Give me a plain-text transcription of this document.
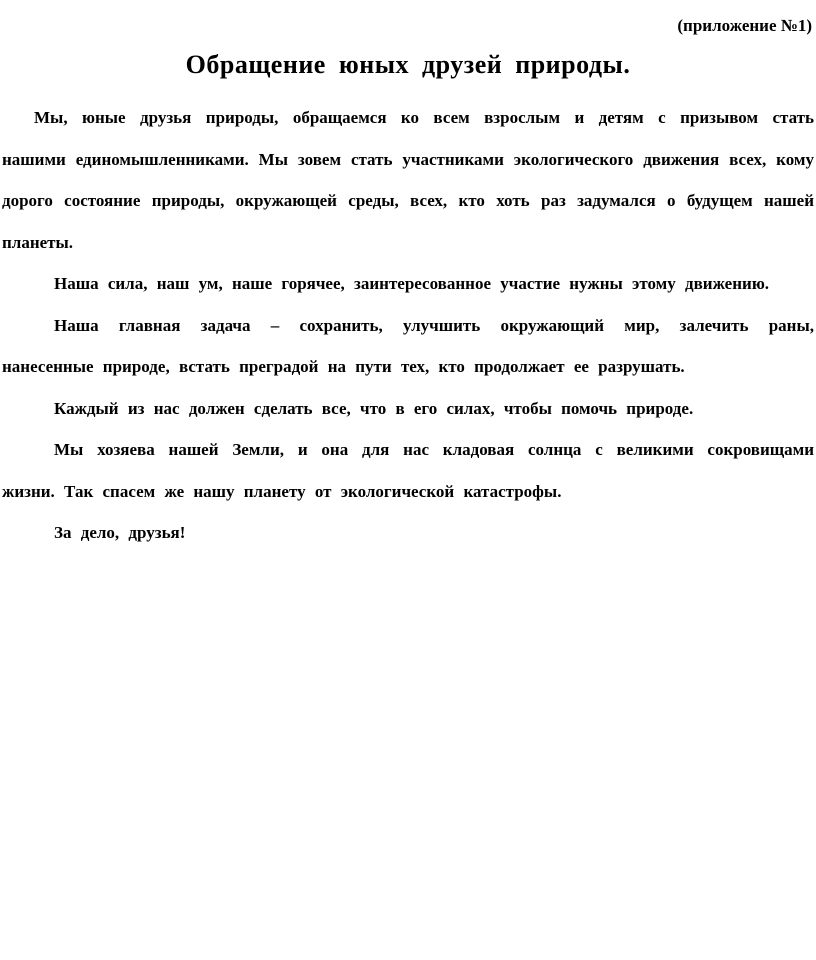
(приложение №1)
Обращение юных друзей природы.

Мы, юные друзья природы, обращаемся ко всем взрослым и детям с призывом стать нашими единомышленниками. Мы зовем стать участниками экологического движения всех, кому дорого состояние природы, окружающей среды, всех, кто хоть раз задумался о будущем нашей планеты.

Наша сила, наш ум, наше горячее, заинтересованное участие нужны этому движению.

Наша главная задача – сохранить, улучшить окружающий мир, залечить раны, нанесенные природе, встать преградой на пути тех, кто продолжает ее разрушать.

Каждый из нас должен сделать все, что в его силах, чтобы помочь природе.

Мы хозяева нашей Земли, и она для нас кладовая солнца с великими сокровищами жизни. Так спасем же нашу планету от экологической катастрофы.

За дело, друзья!
